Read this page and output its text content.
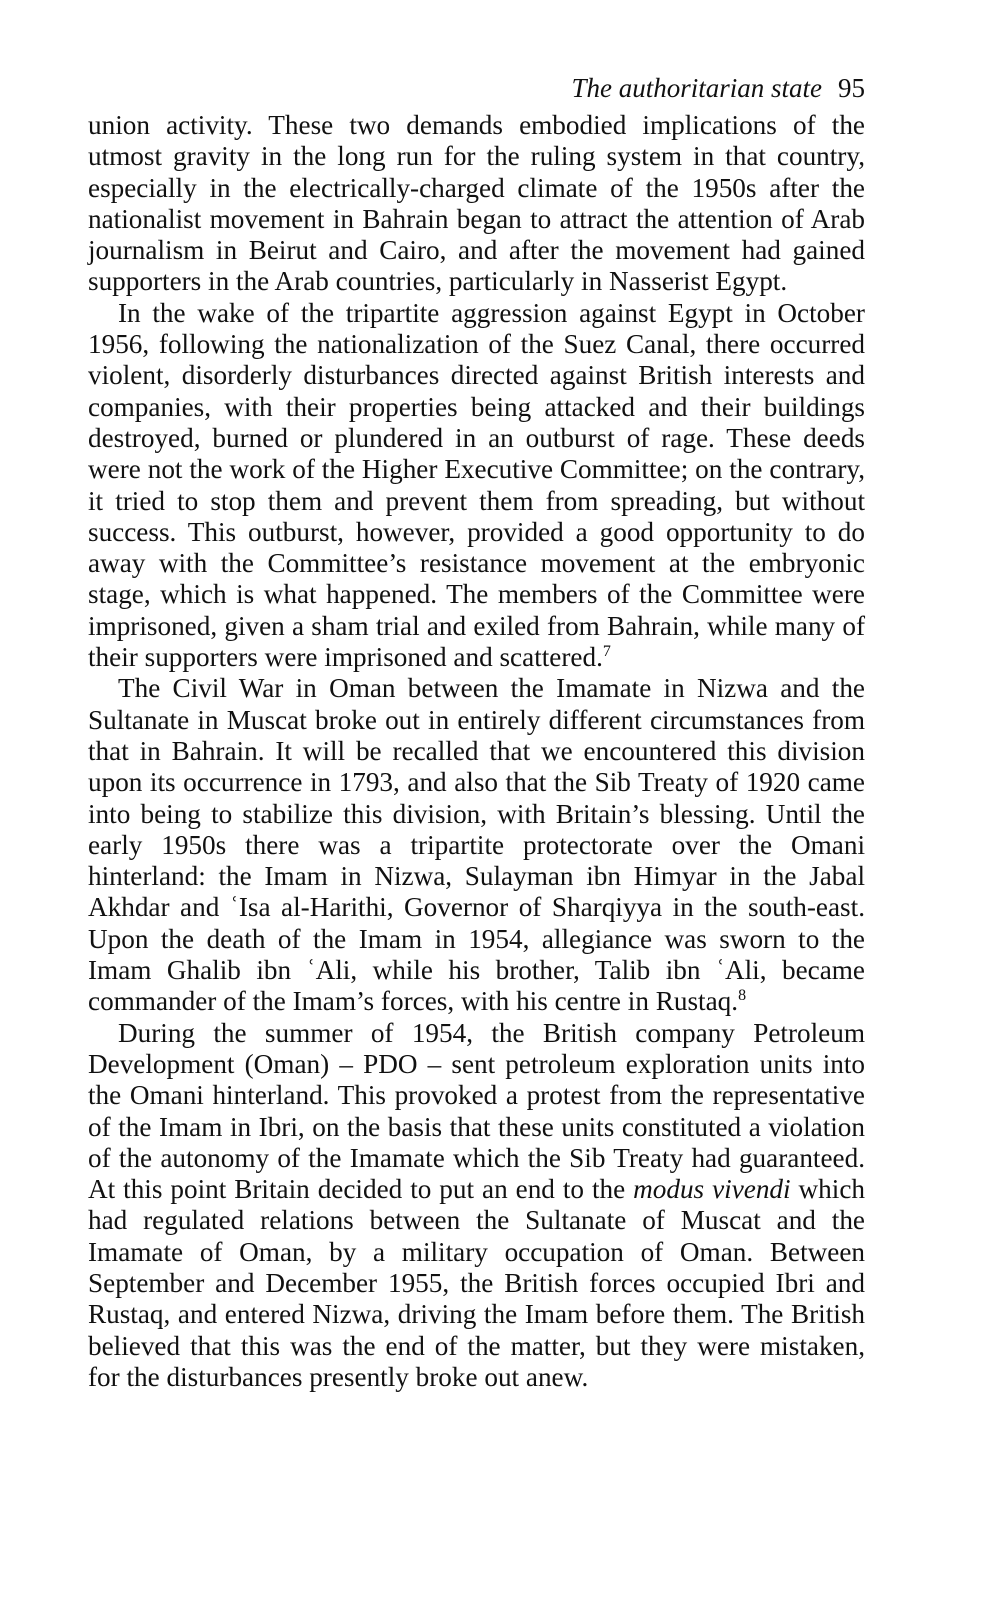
The authoritarian state 95

union activity. These two demands embodied implications of the utmost gravity in the long run for the ruling system in that country, especially in the electrically-charged climate of the 1950s after the nationalist movement in Bahrain began to attract the attention of Arab journalism in Beirut and Cairo, and after the movement had gained supporters in the Arab countries, particularly in Nasserist Egypt.

In the wake of the tripartite aggression against Egypt in October 1956, following the nationalization of the Suez Canal, there occurred violent, disorderly disturbances directed against British interests and companies, with their properties being attacked and their buildings destroyed, burned or plundered in an outburst of rage. These deeds were not the work of the Higher Executive Committee; on the contrary, it tried to stop them and prevent them from spreading, but without success. This outburst, however, provided a good opportunity to do away with the Committee’s resistance movement at the embryonic stage, which is what happened. The members of the Committee were imprisoned, given a sham trial and exiled from Bahrain, while many of their supporters were imprisoned and scattered.$^7$

The Civil War in Oman between the Imamate in Nizwa and the Sultanate in Muscat broke out in entirely different circumstances from that in Bahrain. It will be recalled that we encountered this division upon its occurrence in 1793, and also that the Sib Treaty of 1920 came into being to stabilize this division, with Britain’s blessing. Until the early 1950s there was a tripartite protectorate over the Omani hinterland: the Imam in Nizwa, Sulayman ibn Himyar in the Jabal Akhdar and ʿIsa al-Harithi, Governor of Sharqiyya in the south-east. Upon the death of the Imam in 1954, allegiance was sworn to the Imam Ghalib ibn ʿAli, while his brother, Talib ibn ʿAli, became commander of the Imam’s forces, with his centre in Rustaq.$^8$

During the summer of 1954, the British company Petroleum Development (Oman) – PDO – sent petroleum exploration units into the Omani hinterland. This provoked a protest from the representative of the Imam in Ibri, on the basis that these units constituted a violation of the autonomy of the Imamate which the Sib Treaty had guaranteed. At this point Britain decided to put an end to the modus vivendi which had regulated relations between the Sultanate of Muscat and the Imamate of Oman, by a military occupation of Oman. Between September and December 1955, the British forces occupied Ibri and Rustaq, and entered Nizwa, driving the Imam before them. The British believed that this was the end of the matter, but they were mistaken, for the disturbances presently broke out anew.
